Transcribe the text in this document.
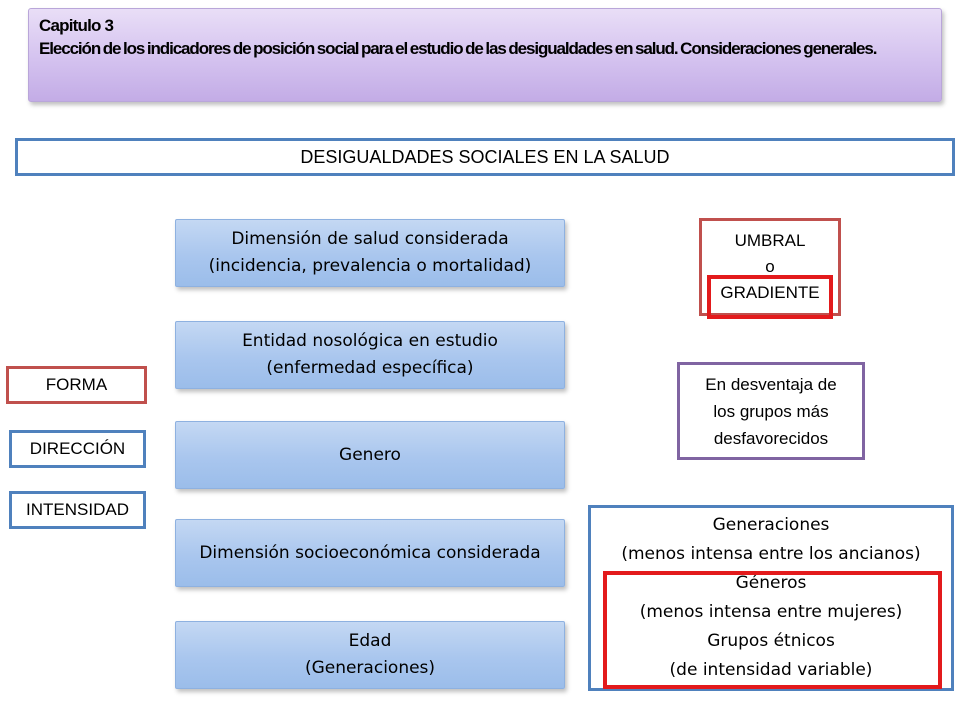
Capitulo 3
Elección de los indicadores de posición social para el estudio de las desigualdades en salud. Consideraciones generales.
DESIGUALDADES SOCIALES EN LA SALUD
Dimensión de salud considerada
(incidencia, prevalencia o mortalidad)
Entidad nosológica en estudio
(enfermedad específica)
Genero
Dimensión socioeconómica considerada
Edad
(Generaciones)
FORMA
DIRECCIÓN
INTENSIDAD
UMBRAL
o
GRADIENTE
En desventaja de
los grupos más
desfavorecidos
Generaciones
(menos intensa entre los ancianos)
Géneros
(menos intensa entre mujeres)
Grupos étnicos
(de intensidad variable)
